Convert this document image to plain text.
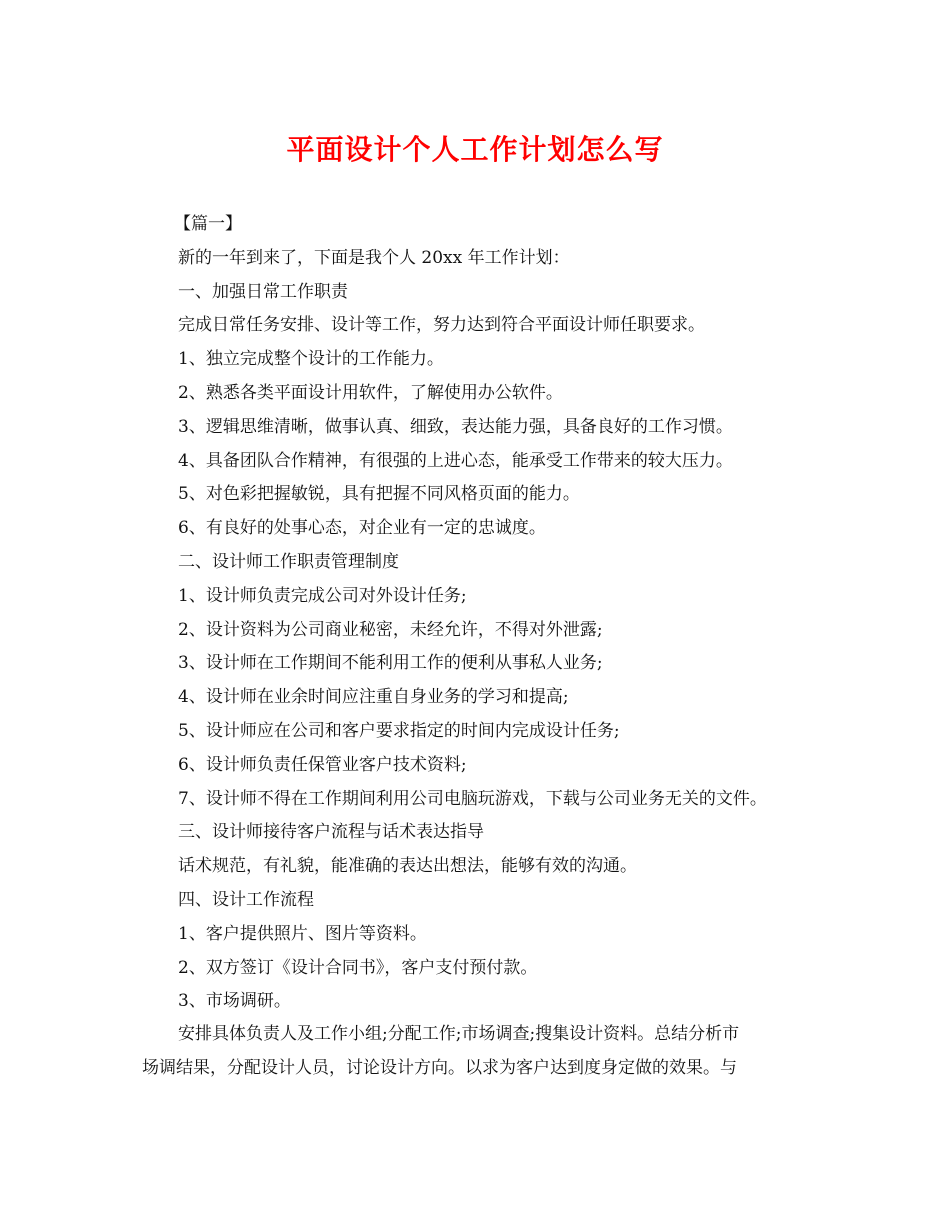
平面设计个人工作计划怎么写

【篇一】

新的一年到来了，下面是我个人 20xx 年工作计划：

一、加强日常工作职责

完成日常任务安排、设计等工作，努力达到符合平面设计师任职要求。

1、独立完成整个设计的工作能力。

2、熟悉各类平面设计用软件，了解使用办公软件。

3、逻辑思维清晰，做事认真、细致，表达能力强，具备良好的工作习惯。

4、具备团队合作精神，有很强的上进心态，能承受工作带来的较大压力。

5、对色彩把握敏锐，具有把握不同风格页面的能力。

6、有良好的处事心态，对企业有一定的忠诚度。

二、设计师工作职责管理制度

1、设计师负责完成公司对外设计任务;

2、设计资料为公司商业秘密，未经允许，不得对外泄露;

3、设计师在工作期间不能利用工作的便利从事私人业务;

4、设计师在业余时间应注重自身业务的学习和提高;

5、设计师应在公司和客户要求指定的时间内完成设计任务;

6、设计师负责任保管业客户技术资料;

7、设计师不得在工作期间利用公司电脑玩游戏，下载与公司业务无关的文件。

三、设计师接待客户流程与话术表达指导

话术规范，有礼貌，能准确的表达出想法，能够有效的沟通。

四、设计工作流程

1、客户提供照片、图片等资料。

2、双方签订《设计合同书》，客户支付预付款。

3、市场调研。

安排具体负责人及工作小组;分配工作;市场调查;搜集设计资料。总结分析市

场调结果，分配设计人员，讨论设计方向。以求为客户达到度身定做的效果。与
